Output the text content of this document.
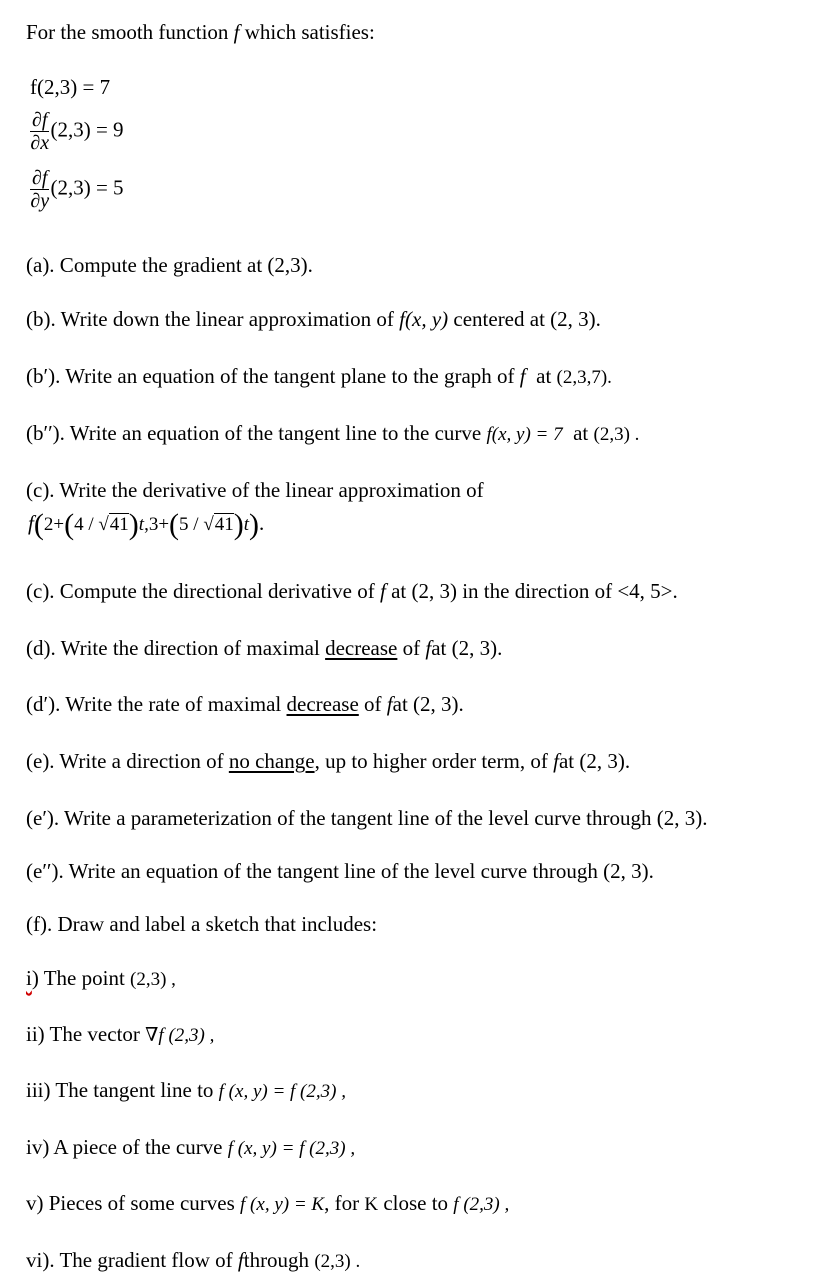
For the smooth function f which satisfies:
f(2,3) = 7
$\frac{\partial f}{\partial x} (2,3) = 9$
$\frac{\partial f}{\partial y} (2,3) = 5$
(a). Compute the gradient at (2,3).
(b). Write down the linear approximation of f(x, y) centered at (2, 3).
(b′). Write an equation of the tangent plane to the graph of f at (2,3,7).
(b′′). Write an equation of the tangent line to the curve f(x, y) = 7 at (2,3) .
(c). Write the derivative of the linear approximation of
f(2+(4 / √41)t,3+(5 / √41)t).
(c). Compute the directional derivative of f at (2, 3) in the direction of <4, 5>.
(d). Write the direction of maximal decrease of fat (2, 3).
(d′). Write the rate of maximal decrease of fat (2, 3).
(e). Write a direction of no change, up to higher order term, of fat (2, 3).
(e′). Write a parameterization of the tangent line of the level curve through (2, 3).
(e′′). Write an equation of the tangent line of the level curve through (2, 3).
(f). Draw and label a sketch that includes:
i) The point (2,3) ,
ii) The vector ∇f (2,3) ,
iii) The tangent line to f (x, y) = f (2,3) ,
iv) A piece of the curve f (x, y) = f (2,3) ,
v) Pieces of some curves f (x, y) = K, for K close to f (2,3) ,
vi). The gradient flow of fthrough (2,3) .
